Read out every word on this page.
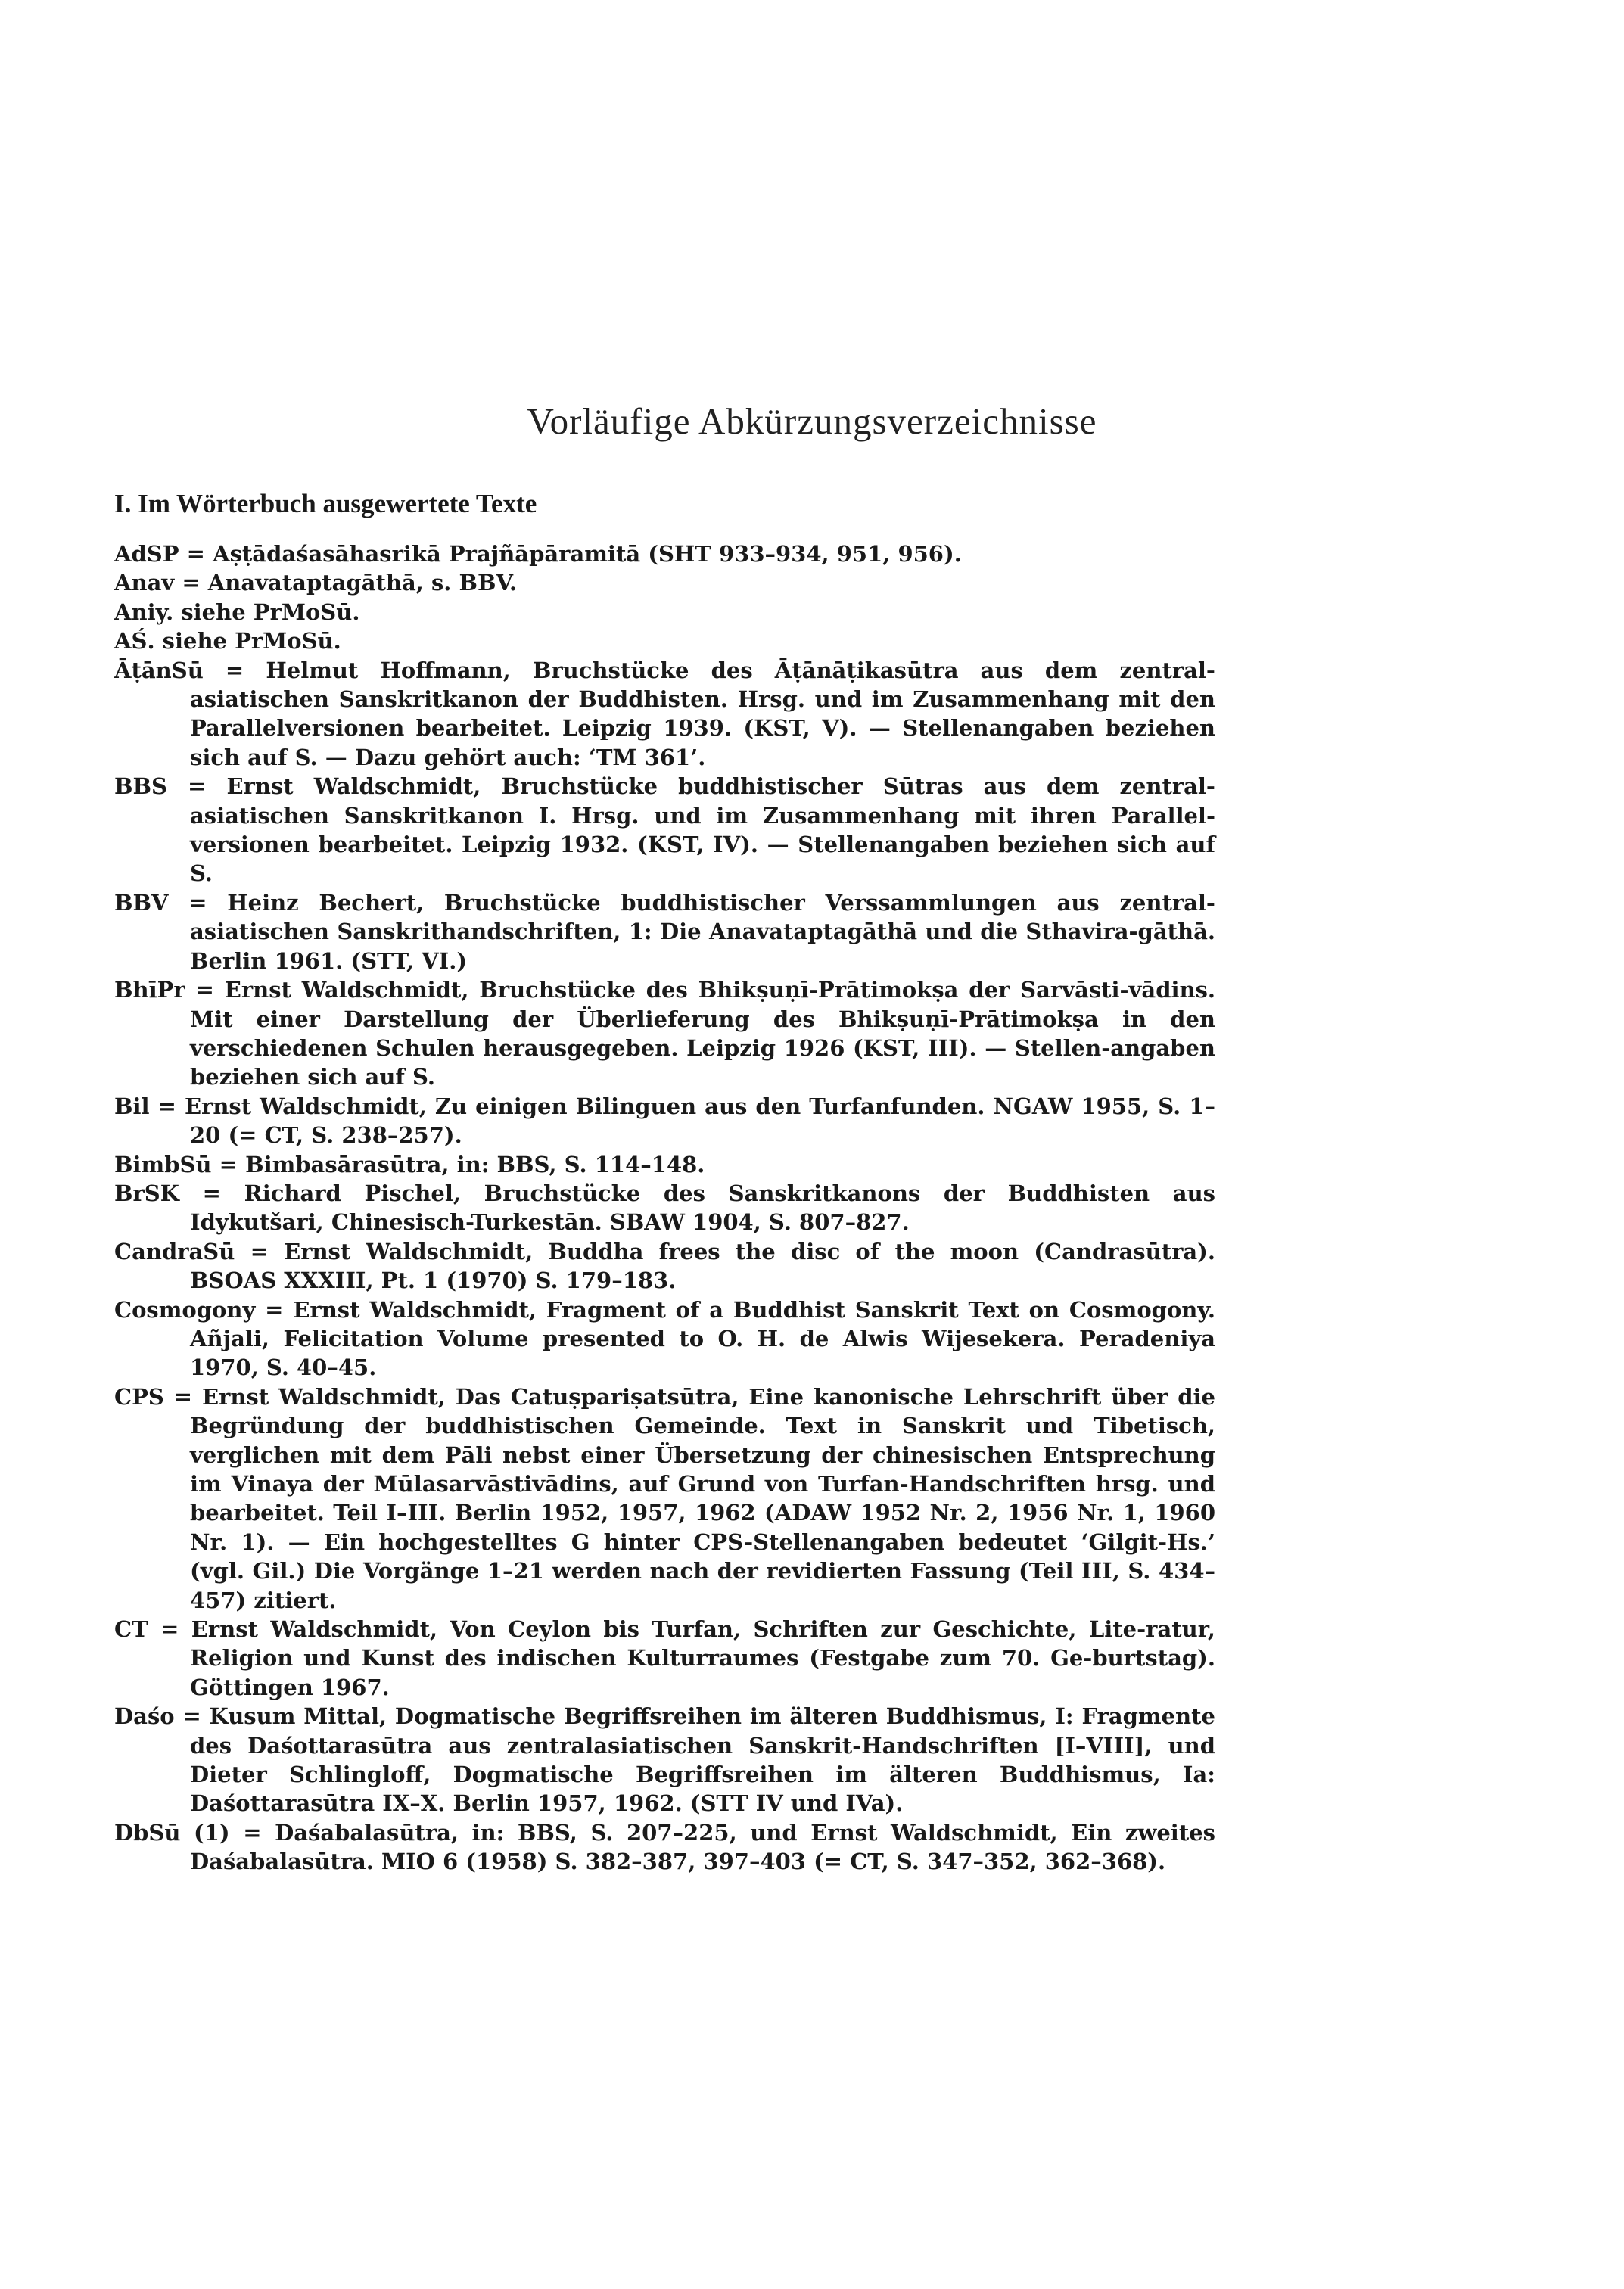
Vorläufige Abkürzungsverzeichnisse
I. Im Wörterbuch ausgewertete Texte

AdSP = Aṣṭādaśasāhasrikā Prajñāpāramitā (SHT 933–934, 951, 956).

Anav = Anavataptagāthā, s. BBV.

Aniy. siehe PrMoSū.

AŚ. siehe PrMoSū.

ĀṭānSū = Helmut Hoffmann, Bruchstücke des Āṭānāṭikasūtra aus dem zentral-asiatischen Sanskritkanon der Buddhisten. Hrsg. und im Zusammenhang mit den Parallelversionen bearbeitet. Leipzig 1939. (KST, V). — Stellenangaben beziehen sich auf S. — Dazu gehört auch: ‘TM 361’.

BBS = Ernst Waldschmidt, Bruchstücke buddhistischer Sūtras aus dem zentral-asiatischen Sanskritkanon I. Hrsg. und im Zusammenhang mit ihren Parallel-versionen bearbeitet. Leipzig 1932. (KST, IV). — Stellenangaben beziehen sich auf S.

BBV = Heinz Bechert, Bruchstücke buddhistischer Verssammlungen aus zentral-asiatischen Sanskrithandschriften, 1: Die Anavataptagāthā und die Sthavira-gāthā. Berlin 1961. (STT, VI.)

BhīPr = Ernst Waldschmidt, Bruchstücke des Bhikṣuṇī-Prātimokṣa der Sarvāsti-vādins. Mit einer Darstellung der Überlieferung des Bhikṣuṇī-Prātimokṣa in den verschiedenen Schulen herausgegeben. Leipzig 1926 (KST, III). — Stellen-angaben beziehen sich auf S.

Bil = Ernst Waldschmidt, Zu einigen Bilinguen aus den Turfanfunden. NGAW 1955, S. 1–20 (= CT, S. 238–257).

BimbSū = Bimbasārasūtra, in: BBS, S. 114–148.

BrSK = Richard Pischel, Bruchstücke des Sanskritkanons der Buddhisten aus Idykutšari, Chinesisch-Turkestān. SBAW 1904, S. 807–827.

CandraSū = Ernst Waldschmidt, Buddha frees the disc of the moon (Candrasūtra). BSOAS XXXIII, Pt. 1 (1970) S. 179–183.

Cosmogony = Ernst Waldschmidt, Fragment of a Buddhist Sanskrit Text on Cosmogony. Añjali, Felicitation Volume presented to O. H. de Alwis Wijesekera. Peradeniya 1970, S. 40–45.

CPS = Ernst Waldschmidt, Das Catuṣpariṣatsūtra, Eine kanonische Lehrschrift über die Begründung der buddhistischen Gemeinde. Text in Sanskrit und Tibetisch, verglichen mit dem Pāli nebst einer Übersetzung der chinesischen Entsprechung im Vinaya der Mūlasarvāstivādins, auf Grund von Turfan-Handschriften hrsg. und bearbeitet. Teil I–III. Berlin 1952, 1957, 1962 (ADAW 1952 Nr. 2, 1956 Nr. 1, 1960 Nr. 1). — Ein hochgestelltes G hinter CPS-Stellenangaben bedeutet ‘Gilgit-Hs.’ (vgl. Gil.) Die Vorgänge 1–21 werden nach der revidierten Fassung (Teil III, S. 434–457) zitiert.

CT = Ernst Waldschmidt, Von Ceylon bis Turfan, Schriften zur Geschichte, Lite-ratur, Religion und Kunst des indischen Kulturraumes (Festgabe zum 70. Ge-burtstag). Göttingen 1967.

Daśo = Kusum Mittal, Dogmatische Begriffsreihen im älteren Buddhismus, I: Fragmente des Daśottarasūtra aus zentralasiatischen Sanskrit-Handschriften [I–VIII], und Dieter Schlingloff, Dogmatische Begriffsreihen im älteren Buddhismus, Ia: Daśottarasūtra IX–X. Berlin 1957, 1962. (STT IV und IVa).

DbSū (1) = Daśabalasūtra, in: BBS, S. 207–225, und Ernst Waldschmidt, Ein zweites Daśabalasūtra. MIO 6 (1958) S. 382–387, 397–403 (= CT, S. 347–352, 362–368).
